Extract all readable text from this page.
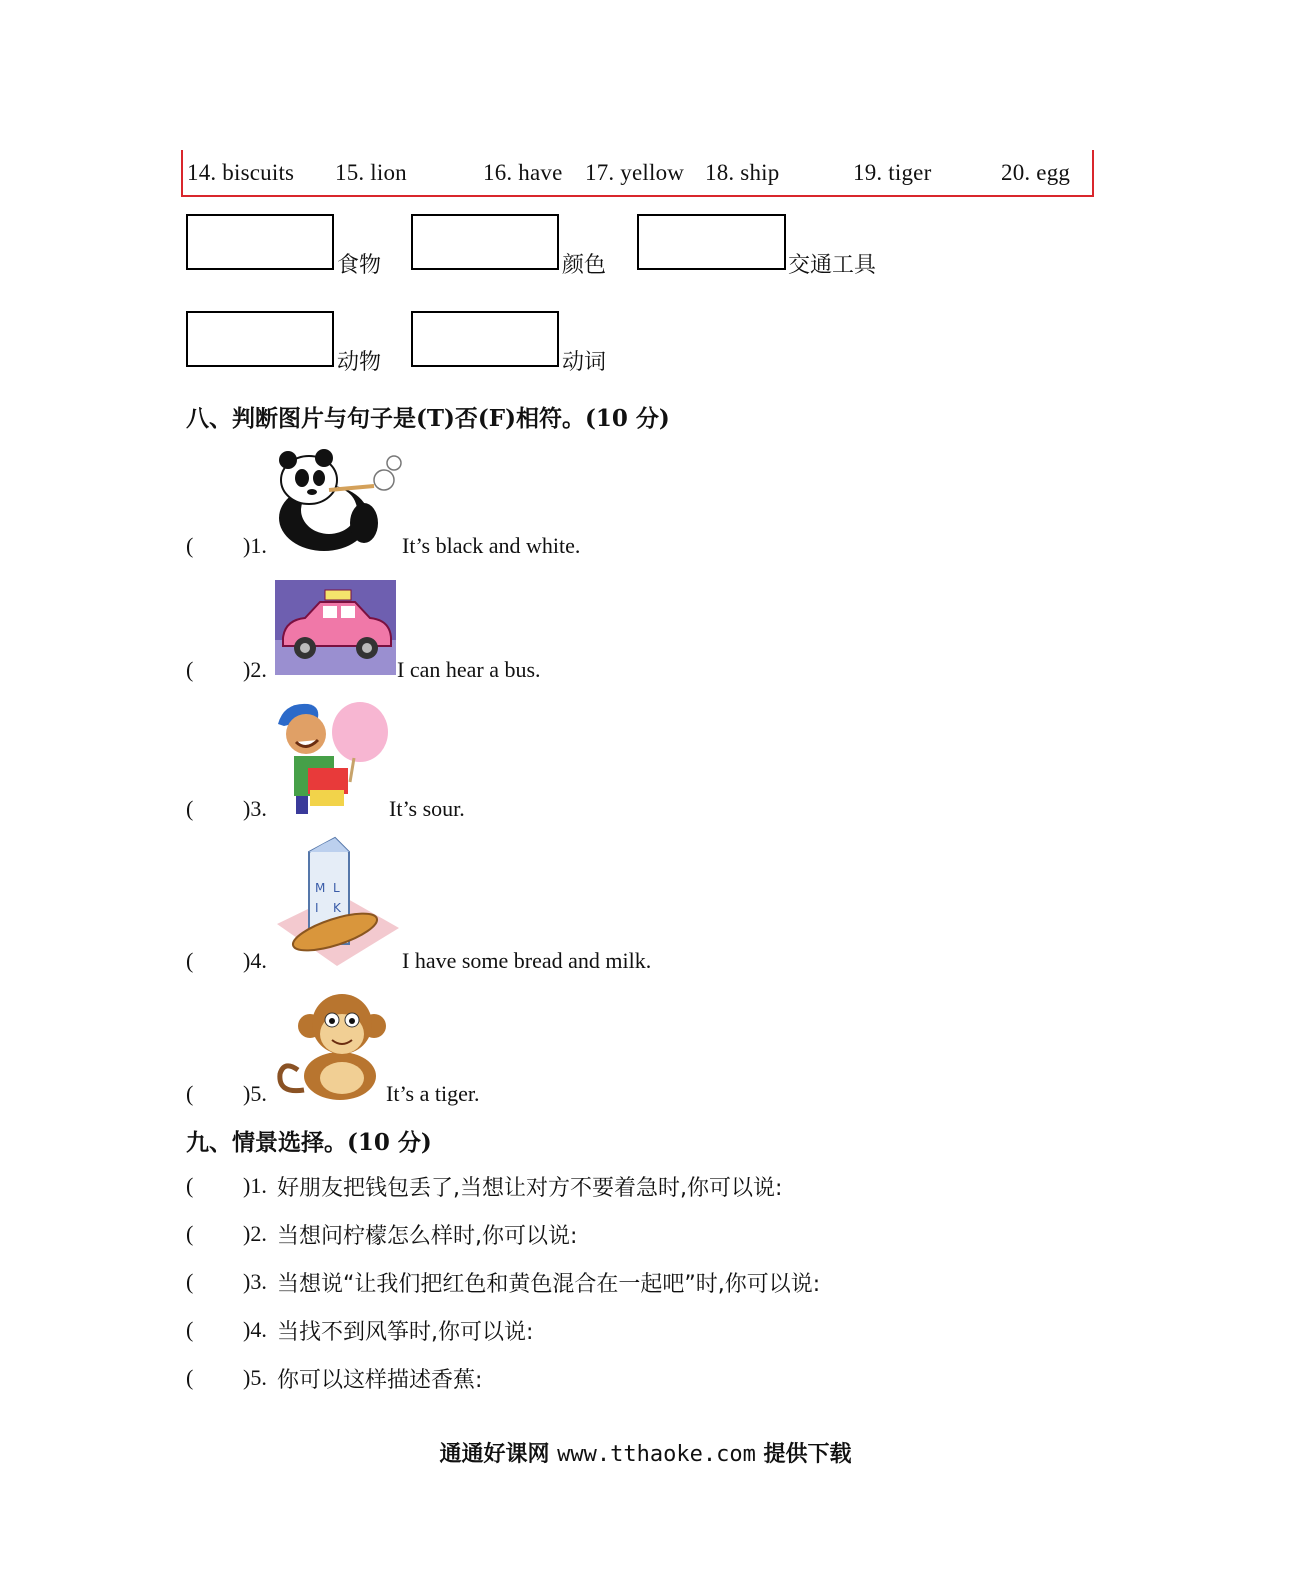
14. biscuits 15. lion	16. have 17. yellow 18. ship	19. tiger	20. egg
食物	颜色	交通工具
动物	动词
八、判断图片与句子是(T)否(F)相符。(10 分)
( )1.	It’s black and white.
( )2.	I can hear a bus.
( )3.	It’s sour.
( )4.
M
I
L
K
I have some bread and milk.
( )5.	It’s a tiger.
九、情景选择。(10 分)
( )1. 好朋友把钱包丢了,当想让对方不要着急时,你可以说:
( )2. 当想问柠檬怎么样时,你可以说:
( )3. 当想说“让我们把红色和黄色混合在一起吧”时,你可以说:
( )4. 当找不到风筝时,你可以说:
( )5. 你可以这样描述香蕉:
通通好课网 www.tthaoke.com 提供下载
